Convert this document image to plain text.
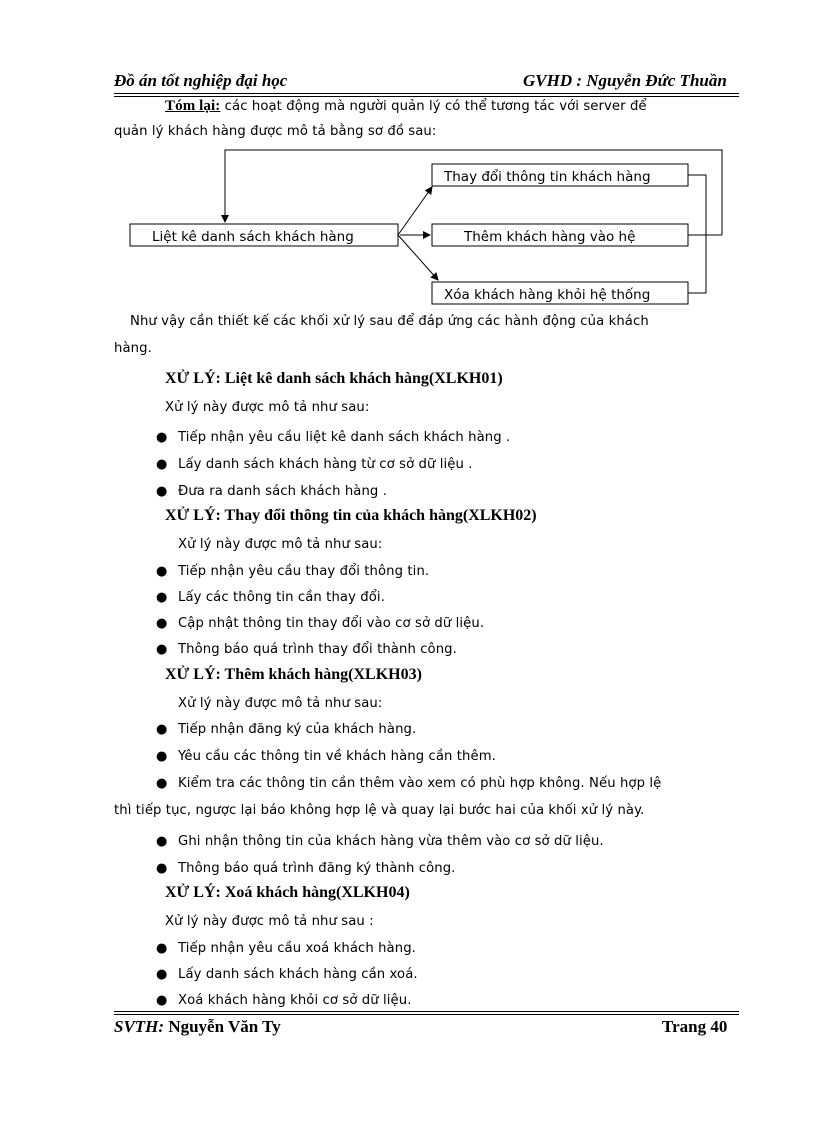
Đồ án tốt nghiệp đại học	GVHD : Nguyễn Đức Thuần
Tóm lại: các hoạt động mà người quản lý có thể tương tác với server để
quản lý khách hàng được mô tả bằng sơ đồ sau:
Liệt kê danh sách khách hàng
Thay đổi thông tin khách hàng
Thêm khách hàng vào hệ
Xóa khách hàng khỏi hệ thống
Như vậy cần thiết kế các khối xử lý sau để đáp ứng các hành động của khách
hàng.
XỬ LÝ: Liệt kê danh sách khách hàng(XLKH01)
Xử lý này được mô tả như sau:
● Tiếp nhận yêu cầu liệt kê danh sách khách hàng .
● Lấy danh sách khách hàng từ cơ sở dữ liệu .
● Đưa ra danh sách khách hàng .
XỬ LÝ: Thay đổi thông tin của khách hàng(XLKH02)
Xử lý này được mô tả như sau:
● Tiếp nhận yêu cầu thay đổi thông tin.
● Lấy các thông tin cần thay đổi.
● Cập nhật thông tin thay đổi vào cơ sở dữ liệu.
● Thông báo quá trình thay đổi thành công.
XỬ LÝ: Thêm khách hàng(XLKH03)
Xử lý này được mô tả như sau:
● Tiếp nhận đăng ký của khách hàng.
● Yêu cầu các thông tin về khách hàng cần thêm.
● Kiểm tra các thông tin cần thêm vào xem có phù hợp không. Nếu hợp lệ
thì tiếp tục, ngược lại báo không hợp lệ và quay lại bước hai của khối xử lý này.
● Ghi nhận thông tin của khách hàng vừa thêm vào cơ sở dữ liệu.
● Thông báo quá trình đăng ký thành công.
XỬ LÝ: Xoá khách hàng(XLKH04)
Xử lý này được mô tả như sau :
● Tiếp nhận yêu cầu xoá khách hàng.
● Lấy danh sách khách hàng cần xoá.
● Xoá khách hàng khỏi cơ sở dữ liệu.
SVTH: Nguyễn Văn Ty	Trang 40
